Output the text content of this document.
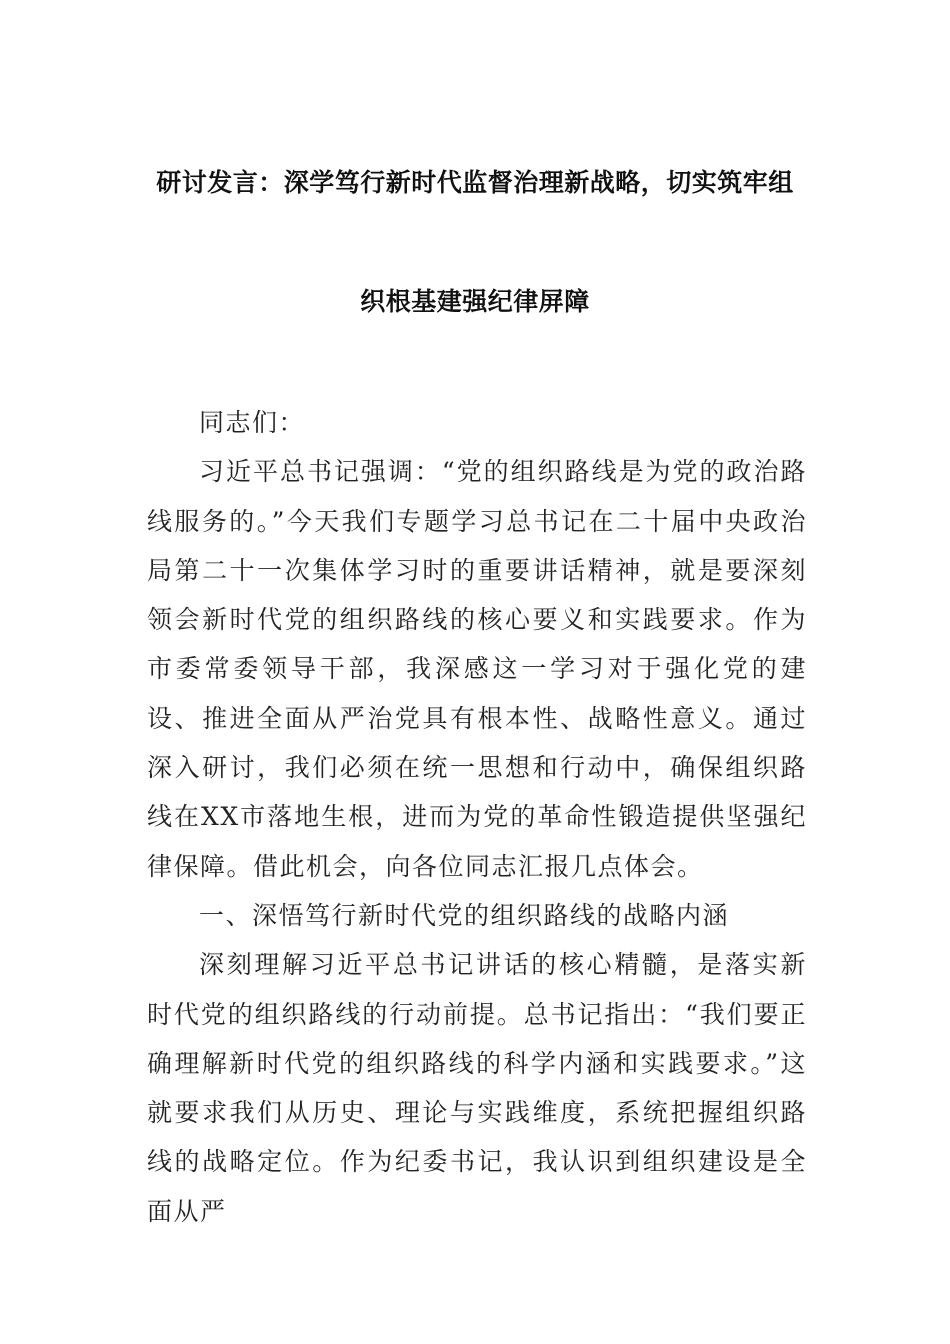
研讨发言：深学笃行新时代监督治理新战略，切实筑牢组
织根基建强纪律屏障

同志们：

习近平总书记强调：“党的组织路线是为党的政治路线服务的。”今天我们专题学习总书记在二十届中央政治局第二十一次集体学习时的重要讲话精神，就是要深刻领会新时代党的组织路线的核心要义和实践要求。作为市委常委领导干部，我深感这一学习对于强化党的建设、推进全面从严治党具有根本性、战略性意义。通过深入研讨，我们必须在统一思想和行动中，确保组织路线在XX市落地生根，进而为党的革命性锻造提供坚强纪律保障。借此机会，向各位同志汇报几点体会。

一、深悟笃行新时代党的组织路线的战略内涵

深刻理解习近平总书记讲话的核心精髓，是落实新时代党的组织路线的行动前提。总书记指出：“我们要正确理解新时代党的组织路线的科学内涵和实践要求。”这就要求我们从历史、理论与实践维度，系统把握组织路线的战略定位。作为纪委书记，我认识到组织建设是全面从严
